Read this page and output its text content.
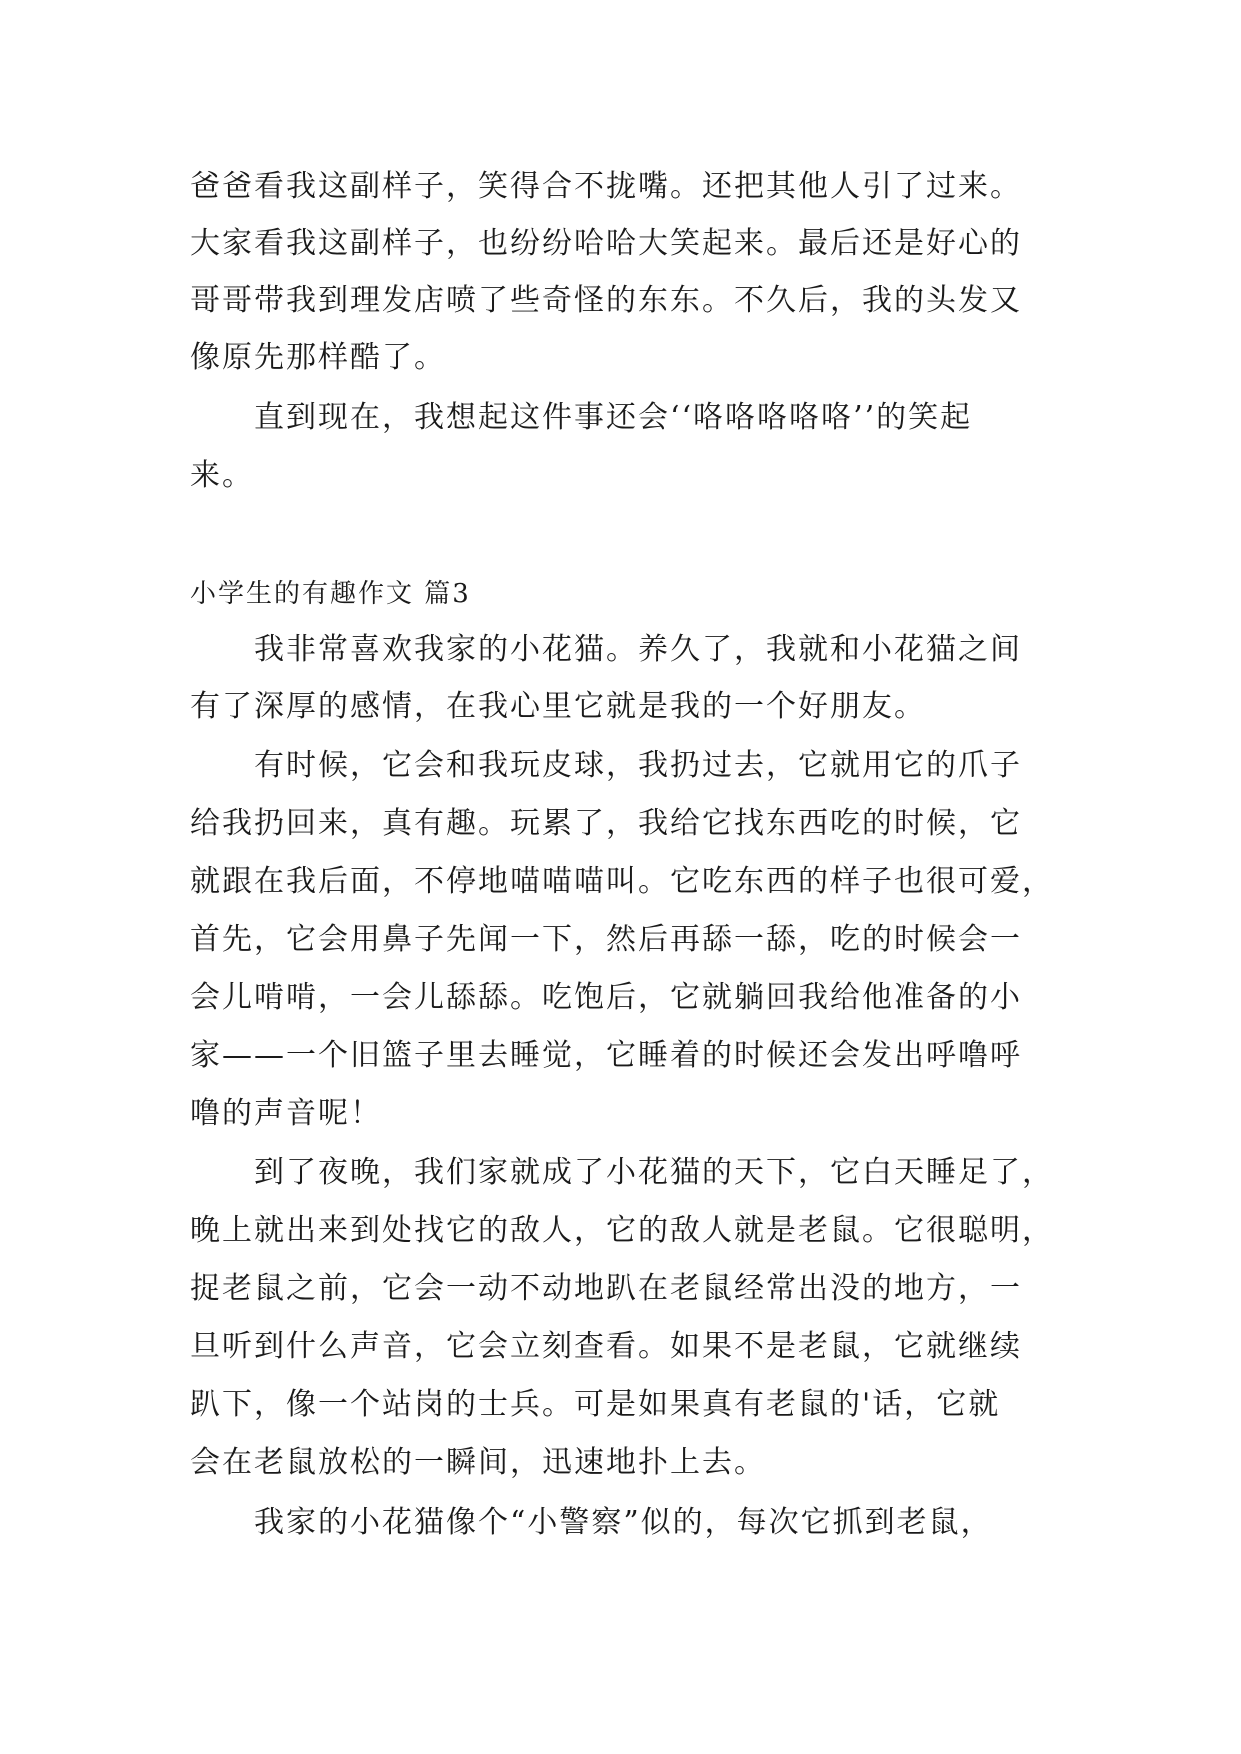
爸爸看我这副样子，笑得合不拢嘴。还把其他人引了过来。
大家看我这副样子，也纷纷哈哈大笑起来。最后还是好心的
哥哥带我到理发店喷了些奇怪的东东。不久后，我的头发又
像原先那样酷了。
　　直到现在，我想起这件事还会‘‘咯咯咯咯咯’’的笑起
来。
小学生的有趣作文 篇3
　　我非常喜欢我家的小花猫。养久了，我就和小花猫之间
有了深厚的感情，在我心里它就是我的一个好朋友。
　　有时候，它会和我玩皮球，我扔过去，它就用它的爪子
给我扔回来，真有趣。玩累了，我给它找东西吃的时候，它
就跟在我后面，不停地喵喵喵叫。它吃东西的样子也很可爱，
首先，它会用鼻子先闻一下，然后再舔一舔，吃的时候会一
会儿啃啃，一会儿舔舔。吃饱后，它就躺回我给他准备的小
家——一个旧篮子里去睡觉，它睡着的时候还会发出呼噜呼
噜的声音呢！
　　到了夜晚，我们家就成了小花猫的天下，它白天睡足了，
晚上就出来到处找它的敌人，它的敌人就是老鼠。它很聪明，
捉老鼠之前，它会一动不动地趴在老鼠经常出没的地方，一
旦听到什么声音，它会立刻查看。如果不是老鼠，它就继续
趴下，像一个站岗的士兵。可是如果真有老鼠的'话，它就
会在老鼠放松的一瞬间，迅速地扑上去。
　　我家的小花猫像个“小警察”似的，每次它抓到老鼠，
